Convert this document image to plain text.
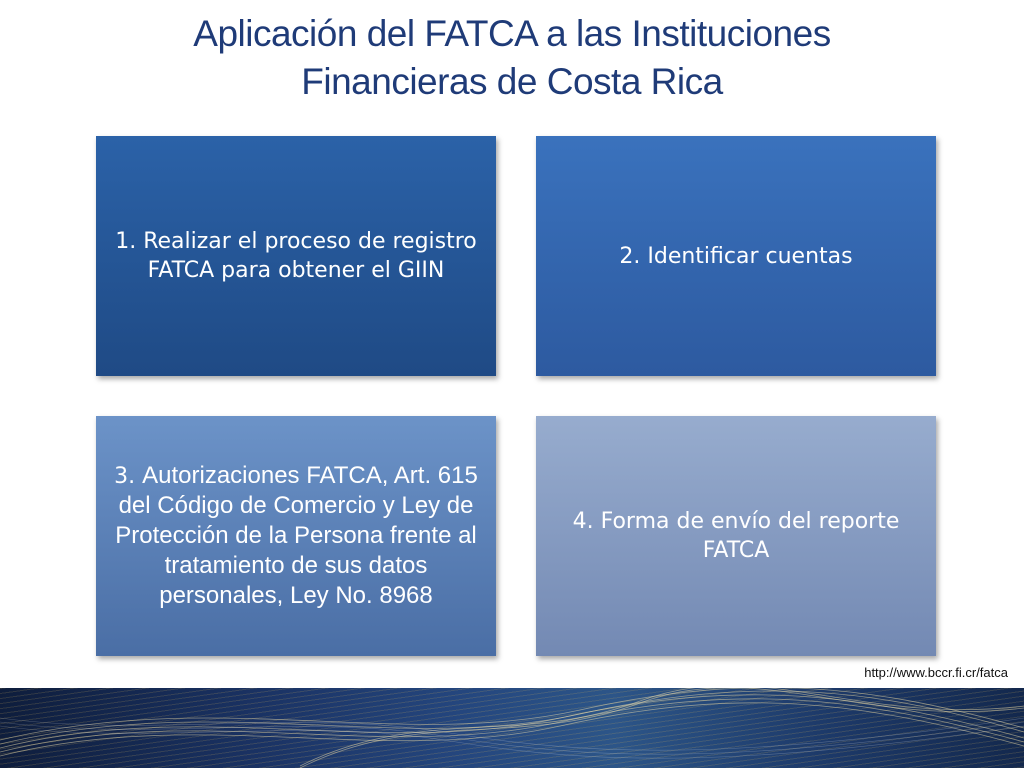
Aplicación del FATCA a las Instituciones
Financieras de Costa Rica
1. Realizar el proceso de registro FATCA para obtener el GIIN
2. Identificar cuentas
3. Autorizaciones FATCA, Art. 615 del Código de Comercio y Ley de Protección de la Persona frente al tratamiento de sus datos personales, Ley No. 8968
4. Forma de envío del reporte FATCA
http://www.bccr.fi.cr/fatca
